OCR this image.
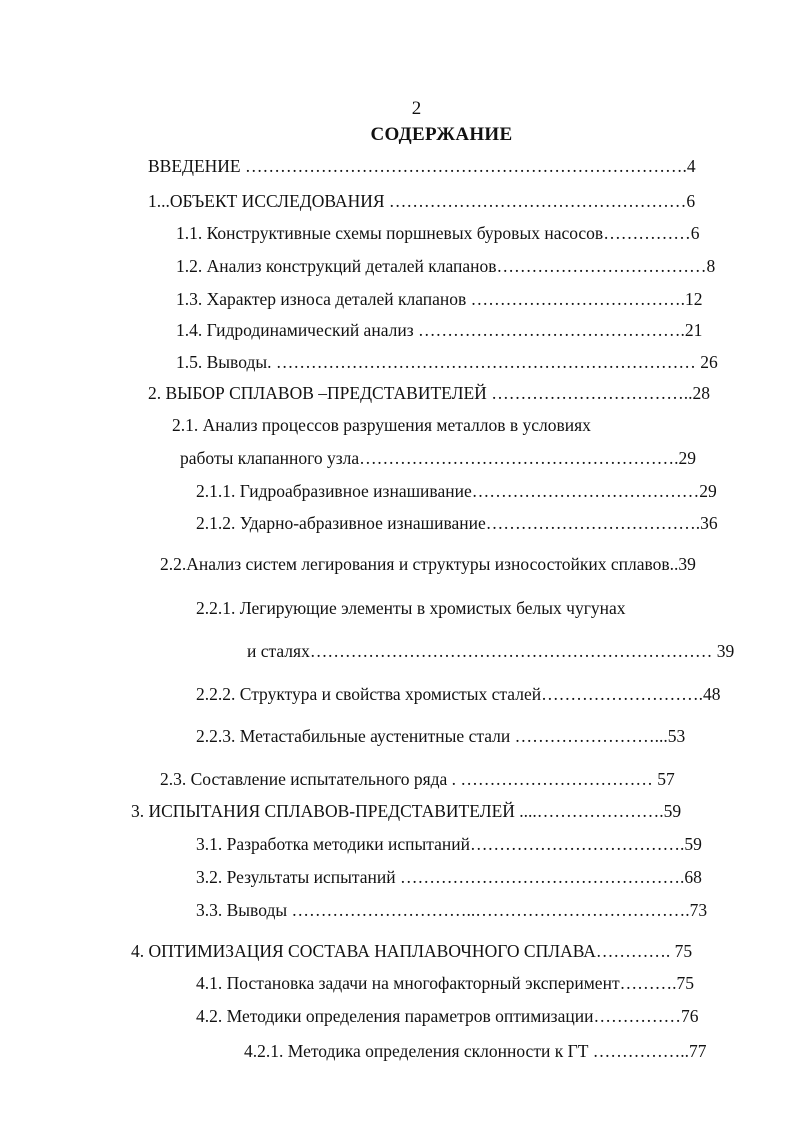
2
СОДЕРЖАНИЕ
ВВЕДЕНИЕ ………………………………………………………………….4
1...ОБЪЕКТ ИССЛЕДОВАНИЯ ……………………………………………6
1.1. Конструктивные схемы поршневых буровых насосов……………6
1.2. Анализ конструкций деталей клапанов………………………………8
1.3. Характер износа деталей клапанов ……………………………….12
1.4. Гидродинамический анализ ……………………………………….21
1.5. Выводы. ……………………………………………………………… 26
2. ВЫБОР СПЛАВОВ –ПРЕДСТАВИТЕЛЕЙ ……………………………..28
2.1. Анализ процессов разрушения металлов в условиях
работы клапанного узла……………………………………………….29
2.1.1. Гидроабразивное изнашивание…………………………………29
2.1.2. Ударно-абразивное изнашивание……………………………….36
2.2.Анализ систем легирования и структуры износостойких сплавов..39
2.2.1. Легирующие элементы в хромистых белых чугунах
и сталях…………………………………………………………… 39
2.2.2. Структура и свойства хромистых сталей……………………….48
2.2.3. Метастабильные аустенитные стали ……………………...53
2.3. Составление испытательного ряда . …………………………… 57
3. ИСПЫТАНИЯ СПЛАВОВ-ПРЕДСТАВИТЕЛЕЙ ....………………….59
3.1. Разработка методики испытаний……………………………….59
3.2. Результаты испытаний ………………………………………….68
3.3. Выводы …………………………..……………………………….73
4. ОПТИМИЗАЦИЯ СОСТАВА НАПЛАВОЧНОГО СПЛАВА…………. 75
4.1. Постановка задачи на многофакторный эксперимент……….75
4.2. Методики определения параметров оптимизации……………76
4.2.1. Методика определения склонности к ГТ ……………..77
